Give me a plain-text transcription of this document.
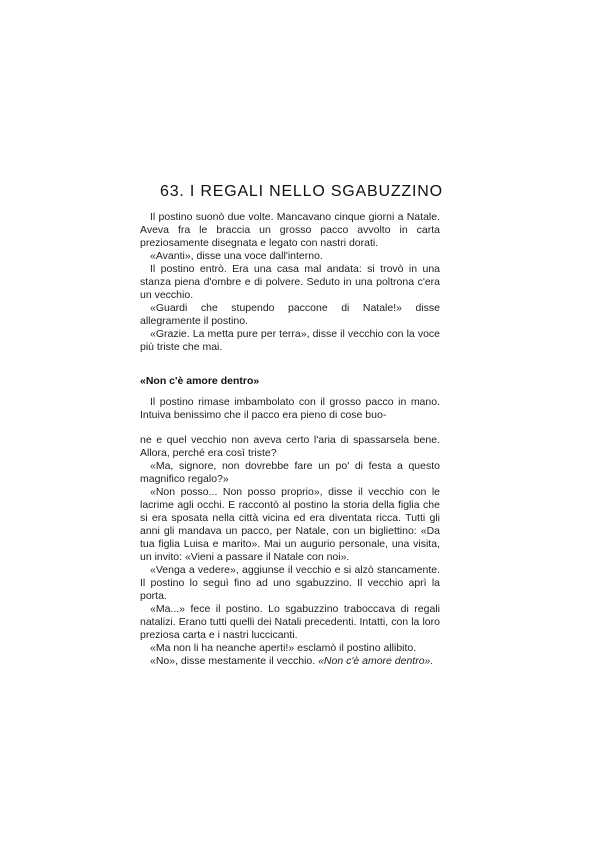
63. I REGALI NELLO SGABUZZINO

Il postino suonò due volte. Mancavano cinque giorni a Natale. Aveva fra le braccia un grosso pacco avvolto in carta preziosamente disegnata e legato con nastri dorati.

«Avanti», disse una voce dall'interno.

Il postino entrò. Era una casa mal andata: si trovò in una stanza piena d'ombre e di polvere. Seduto in una poltrona c'era un vecchio.

«Guardi che stupendo paccone di Natale!» disse allegramente il postino.

«Grazie. La metta pure per terra», disse il vecchio con la voce più triste che mai.

«Non c'è amore dentro»

Il postino rimase imbambolato con il grosso pacco in mano. Intuiva benissimo che il pacco era pieno di cose buo-

ne e quel vecchio non aveva certo l'aria di spassarsela bene. Allora, perché era così triste?

«Ma, signore, non dovrebbe fare un po' di festa a questo magnifico regalo?»

«Non posso... Non posso proprio», disse il vecchio con le lacrime agli occhi. E raccontò al postino la storia della figlia che si era sposata nella città vicina ed era diventata ricca. Tutti gli anni gli mandava un pacco, per Natale, con un bigliettino: «Da tua figlia Luisa e marito». Mai un augurio personale, una visita, un invito: «Vieni a passare il Natale con noi».

«Venga a vedere», aggiunse il vecchio e si alzò stancamente. Il postino lo seguì fino ad uno sgabuzzino. Il vecchio aprì la porta.

«Ma...» fece il postino. Lo sgabuzzino traboccava di regali natalizi. Erano tutti quelli dei Natali precedenti. Intatti, con la loro preziosa carta e i nastri luccicanti.

«Ma non li ha neanche aperti!» esclamò il postino allibito.

«No», disse mestamente il vecchio. «Non c'è amore dentro».
